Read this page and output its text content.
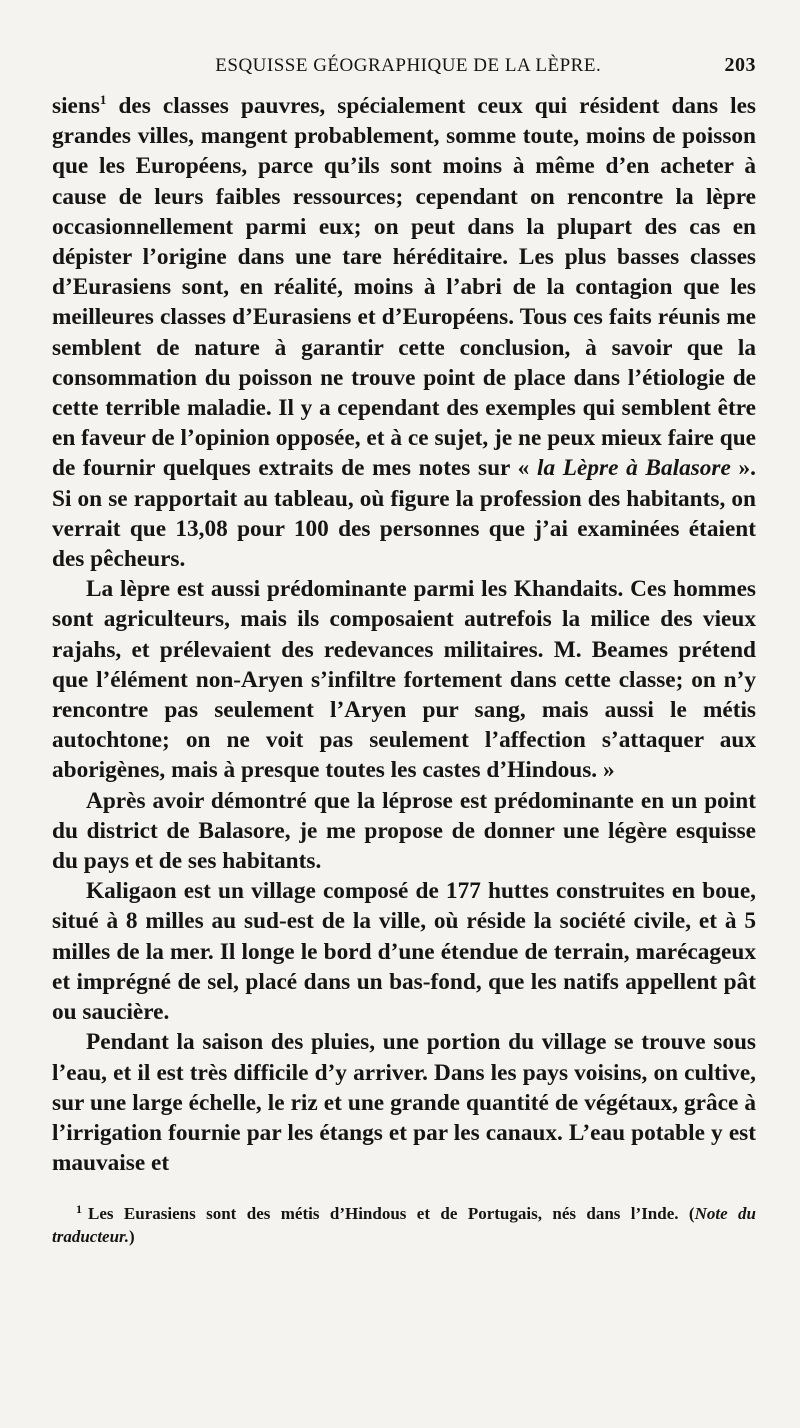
ESQUISSE GÉOGRAPHIQUE DE LA LÈPRE.	203

siens$^1$ des classes pauvres, spécialement ceux qui résident dans les grandes villes, mangent probablement, somme toute, moins de poisson que les Européens, parce qu’ils sont moins à même d’en acheter à cause de leurs faibles ressources; cependant on rencontre la lèpre occasionnellement parmi eux; on peut dans la plupart des cas en dépister l’origine dans une tare héréditaire. Les plus basses classes d’Eurasiens sont, en réalité, moins à l’abri de la contagion que les meilleures classes d’Eurasiens et d’Européens. Tous ces faits réunis me semblent de nature à garantir cette conclusion, à savoir que la consommation du poisson ne trouve point de place dans l’étiologie de cette terrible maladie. Il y a cependant des exemples qui semblent être en faveur de l’opinion opposée, et à ce sujet, je ne peux mieux faire que de fournir quelques extraits de mes notes sur « la Lèpre à Balasore ». Si on se rapportait au tableau, où figure la profession des habitants, on verrait que 13,08 pour 100 des personnes que j’ai examinées étaient des pêcheurs.

La lèpre est aussi prédominante parmi les Khandaits. Ces hommes sont agriculteurs, mais ils composaient autrefois la milice des vieux rajahs, et prélevaient des redevances militaires. M. Beames prétend que l’élément non-Aryen s’infiltre fortement dans cette classe; on n’y rencontre pas seulement l’Aryen pur sang, mais aussi le métis autochtone; on ne voit pas seulement l’affection s’attaquer aux aborigènes, mais à presque toutes les castes d’Hindous. »

Après avoir démontré que la léprose est prédominante en un point du district de Balasore, je me propose de donner une légère esquisse du pays et de ses habitants.

Kaligaon est un village composé de 177 huttes construites en boue, situé à 8 milles au sud-est de la ville, où réside la société civile, et à 5 milles de la mer. Il longe le bord d’une étendue de terrain, marécageux et imprégné de sel, placé dans un bas-fond, que les natifs appellent pât ou saucière.

Pendant la saison des pluies, une portion du village se trouve sous l’eau, et il est très difficile d’y arriver. Dans les pays voisins, on cultive, sur une large échelle, le riz et une grande quantité de végétaux, grâce à l’irrigation fournie par les étangs et par les canaux. L’eau potable y est mauvaise et

$^1$ Les Eurasiens sont des métis d’Hindous et de Portugais, nés dans l’Inde. (Note du traducteur.)
